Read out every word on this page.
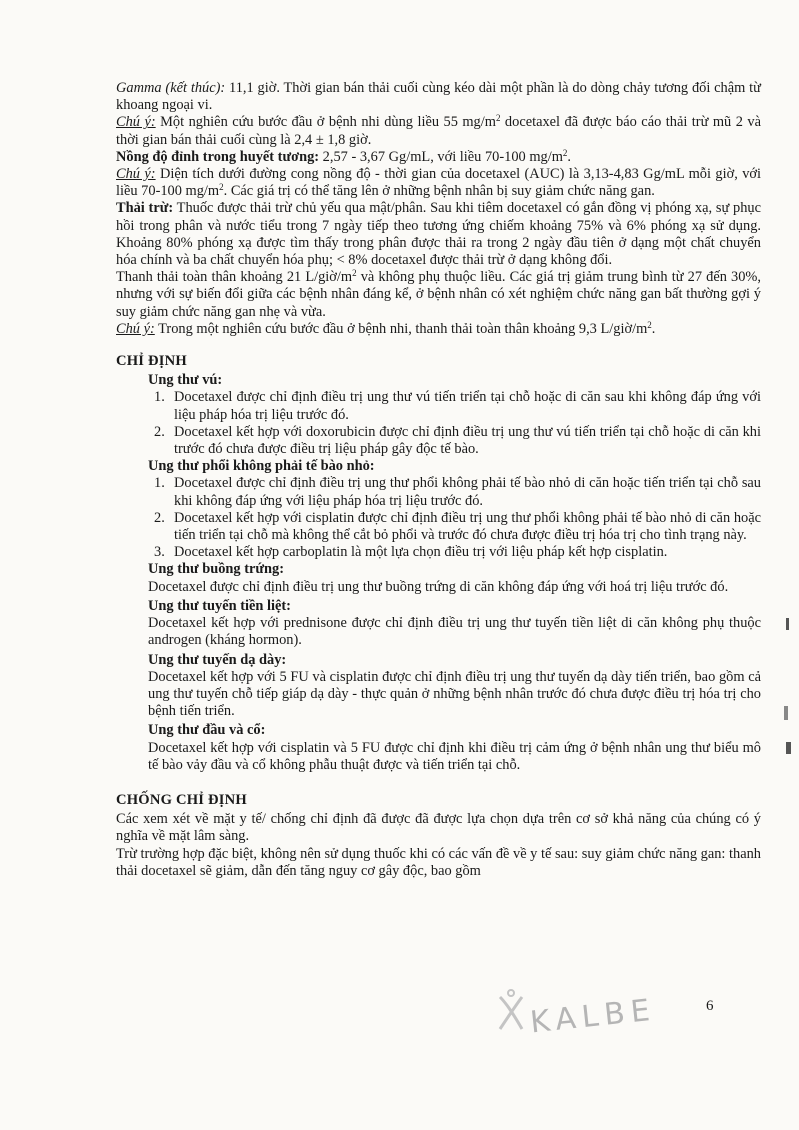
Gamma (kết thúc): 11,1 giờ. Thời gian bán thải cuối cùng kéo dài một phần là do dòng chảy tương đối chậm từ khoang ngoại vi.

Chú ý: Một nghiên cứu bước đầu ở bệnh nhi dùng liều 55 $mg/m^2$ docetaxel đã được báo cáo thải trừ mũ 2 và thời gian bán thải cuối cùng là 2,4 ± 1,8 giờ.

Nồng độ đỉnh trong huyết tương: 2,57 - 3,67 Gg/mL, với liều 70-100 $mg/m^2$.

Chú ý: Diện tích dưới đường cong nồng độ - thời gian của docetaxel (AUC) là 3,13-4,83 Gg/mL mỗi giờ, với liều 70-100 $mg/m^2$. Các giá trị có thể tăng lên ở những bệnh nhân bị suy giảm chức năng gan.

Thải trừ: Thuốc được thải trừ chủ yếu qua mật/phân. Sau khi tiêm docetaxel có gắn đồng vị phóng xạ, sự phục hồi trong phân và nước tiểu trong 7 ngày tiếp theo tương ứng chiếm khoảng 75% và 6% phóng xạ sử dụng. Khoảng 80% phóng xạ được tìm thấy trong phân được thải ra trong 2 ngày đầu tiên ở dạng một chất chuyển hóa chính và ba chất chuyển hóa phụ; < 8% docetaxel được thải trừ ở dạng không đổi.

Thanh thải toàn thân khoảng 21 $L/giờ/m^2$ và không phụ thuộc liều. Các giá trị giảm trung bình từ 27 đến 30%, nhưng với sự biến đổi giữa các bệnh nhân đáng kể, ở bệnh nhân có xét nghiệm chức năng gan bất thường gợi ý suy giảm chức năng gan nhẹ và vừa.

Chú ý: Trong một nghiên cứu bước đầu ở bệnh nhi, thanh thải toàn thân khoảng 9,3 $L/giờ/m^2$.

CHỈ ĐỊNH
Ung thư vú:
1. Docetaxel được chỉ định điều trị ung thư vú tiến triển tại chỗ hoặc di căn sau khi không đáp ứng với liệu pháp hóa trị liệu trước đó.
2. Docetaxel kết hợp với doxorubicin được chỉ định điều trị ung thư vú tiến triển tại chỗ hoặc di căn khi trước đó chưa được điều trị liệu pháp gây độc tế bào.
Ung thư phổi không phải tế bào nhỏ:
1. Docetaxel được chỉ định điều trị ung thư phổi không phải tế bào nhỏ di căn hoặc tiến triển tại chỗ sau khi không đáp ứng với liệu pháp hóa trị liệu trước đó.
2. Docetaxel kết hợp với cisplatin được chỉ định điều trị ung thư phổi không phải tế bào nhỏ di căn hoặc tiến triển tại chỗ mà không thể cắt bỏ phổi và trước đó chưa được điều trị hóa trị cho tình trạng này.
3. Docetaxel kết hợp carboplatin là một lựa chọn điều trị với liệu pháp kết hợp cisplatin.
Ung thư buồng trứng:

Docetaxel được chỉ định điều trị ung thư buồng trứng di căn không đáp ứng với hoá trị liệu trước đó.

Ung thư tuyến tiền liệt:

Docetaxel kết hợp với prednisone được chỉ định điều trị ung thư tuyến tiền liệt di căn không phụ thuộc androgen (kháng hormon).

Ung thư tuyến dạ dày:

Docetaxel kết hợp với 5 FU và cisplatin được chỉ định điều trị ung thư tuyến dạ dày tiến triển, bao gồm cả ung thư tuyến chỗ tiếp giáp dạ dày - thực quản ở những bệnh nhân trước đó chưa được điều trị hóa trị cho bệnh tiến triển.

Ung thư đầu và cổ:

Docetaxel kết hợp với cisplatin và 5 FU được chỉ định khi điều trị cảm ứng ở bệnh nhân ung thư biểu mô tế bào vảy đầu và cổ không phẫu thuật được và tiến triển tại chỗ.

CHỐNG CHỈ ĐỊNH

Các xem xét về mặt y tế/ chống chỉ định đã được đã được lựa chọn dựa trên cơ sở khả năng của chúng có ý nghĩa về mặt lâm sàng.

Trừ trường hợp đặc biệt, không nên sử dụng thuốc khi có các vấn đề về y tế sau: suy giảm chức năng gan: thanh thải docetaxel sẽ giảm, dẫn đến tăng nguy cơ gây độc, bao gồm

KALBE	6
